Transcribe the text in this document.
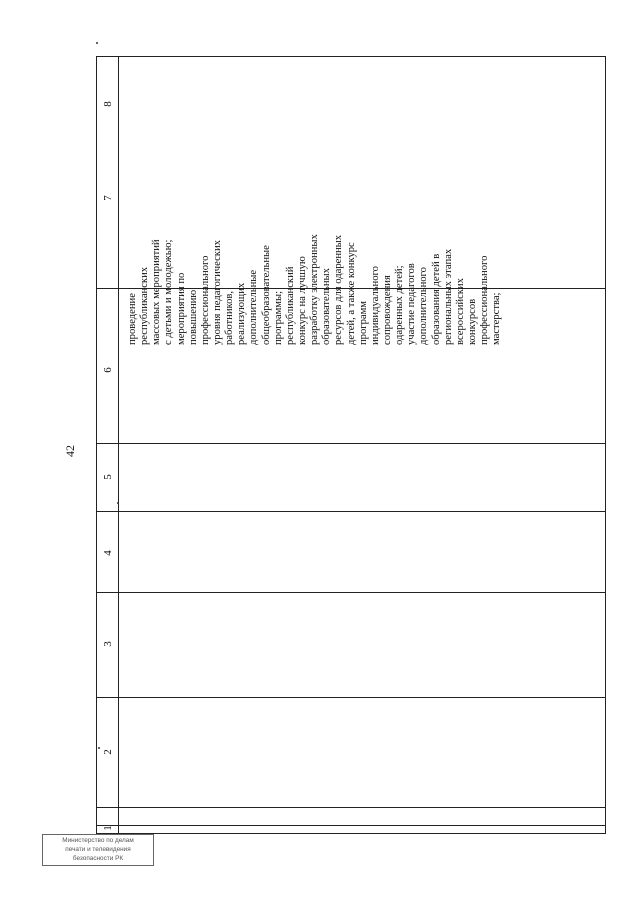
42
1
2
3
4
5
6
7
8
проведение республиканских массовых мероприятий с детьми и молодежью; мероприятия по повышению профессионального уровня педагогических работников, реализующих дополнительные общеобразовательные программы; республиканский конкурс на лучшую разработку электронных образовательных ресурсов для одаренных детей, а также конкурс программ индивидуального сопровождения одаренных детей; участие педагогов дополнительного образования детей в региональных этапах всероссийских конкурсов профессионального мастерства;
Министерство по делам
печати и телевидения
безопасности РК
